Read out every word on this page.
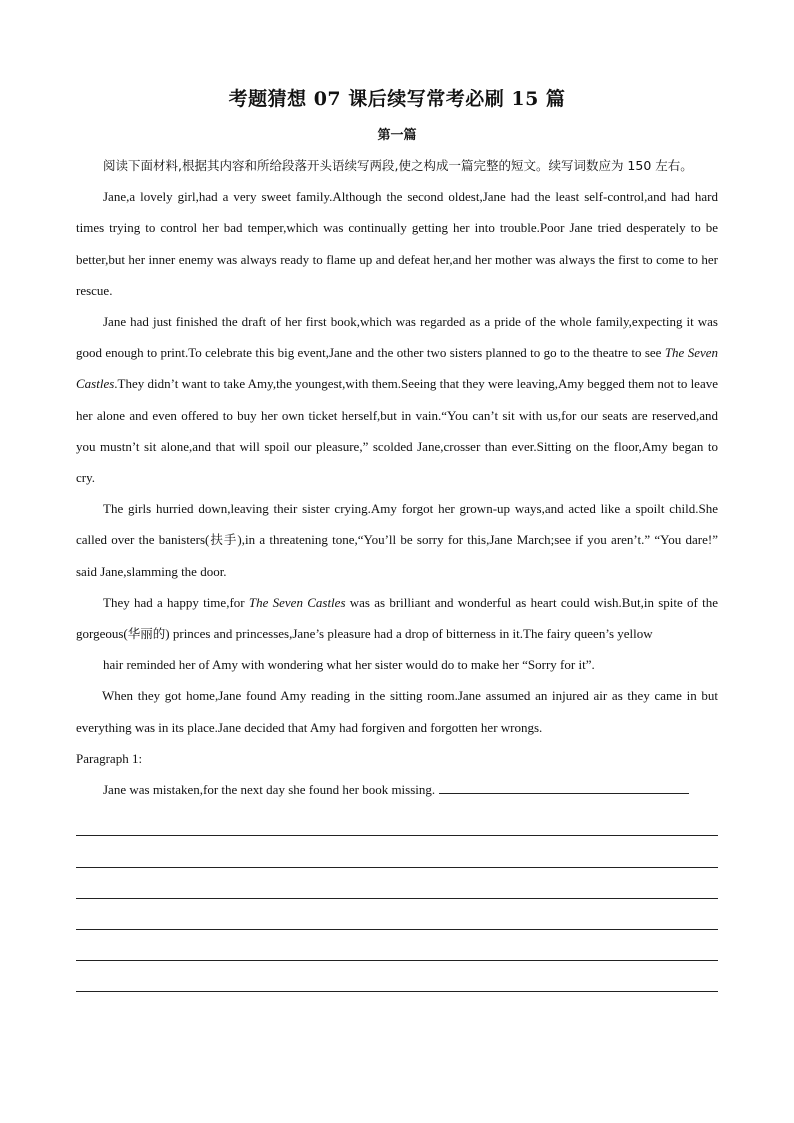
考题猜想 07 课后续写常考必刷 15 篇
第一篇

阅读下面材料,根据其内容和所给段落开头语续写两段,使之构成一篇完整的短文。续写词数应为 150 左右。

Jane,a lovely girl,had a very sweet family.Although the second oldest,Jane had the least self-control,and had hard times trying to control her bad temper,which was continually getting her into trouble.Poor Jane tried desperately to be better,but her inner enemy was always ready to flame up and defeat her,and her mother was always the first to come to her rescue.

Jane had just finished the draft of her first book,which was regarded as a pride of the whole family,expecting it was good enough to print.To celebrate this big event,Jane and the other two sisters planned to go to the theatre to see The Seven Castles.They didn’t want to take Amy,the youngest,with them.Seeing that they were leaving,Amy begged them not to leave her alone and even offered to buy her own ticket herself,but in vain.“You can’t sit with us,for our seats are reserved,and you mustn’t sit alone,and that will spoil our pleasure,” scolded Jane,crosser than ever.Sitting on the floor,Amy began to cry.

The girls hurried down,leaving their sister crying.Amy forgot her grown-up ways,and acted like a spoilt child.She called over the banisters(扶手),in a threatening tone,“You’ll be sorry for this,Jane March;see if you aren’t.” “You dare!” said Jane,slamming the door.

They had a happy time,for The Seven Castles was as brilliant and wonderful as heart could wish.But,in spite of the gorgeous(华丽的) princes and princesses,Jane’s pleasure had a drop of bitterness in it.The fairy queen’s yellow

hair reminded her of Amy with wondering what her sister would do to make her “Sorry for it”.

When they got home,Jane found Amy reading in the sitting room.Jane assumed an injured air as they came in but everything was in its place.Jane decided that Amy had forgiven and forgotten her wrongs.

Paragraph 1:

Jane was mistaken,for the next day she found her book missing.
